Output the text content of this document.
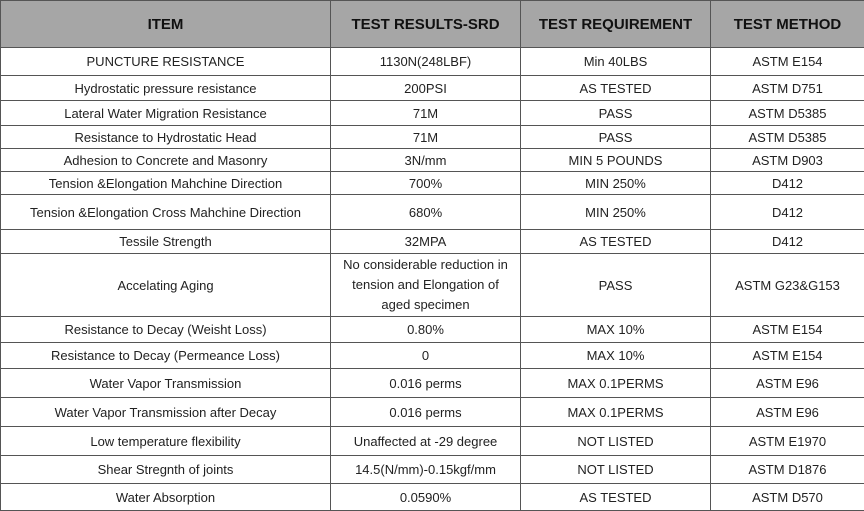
ITEM	TEST RESULTS-SRD	TEST REQUIREMENT	TEST METHOD
PUNCTURE RESISTANCE	1130N(248LBF)	Min 40LBS	ASTM E154
Hydrostatic pressure resistance	200PSI	AS TESTED	ASTM D751
Lateral Water Migration Resistance	71M	PASS	ASTM D5385
Resistance to Hydrostatic Head	71M	PASS	ASTM D5385
Adhesion to Concrete and Masonry	3N/mm	MIN 5 POUNDS	ASTM D903
Tension &Elongation Mahchine Direction	700%	MIN 250%	D412
Tension &Elongation Cross Mahchine Direction	680%	MIN 250%	D412
Tessile Strength	32MPA	AS TESTED	D412
Accelating Aging	No considerable reduction in
tension and Elongation of
aged specimen	PASS	ASTM G23&G153
Resistance to Decay (Weisht Loss)	0.80%	MAX 10%	ASTM E154
Resistance to Decay (Permeance Loss)	0	MAX 10%	ASTM E154
Water Vapor Transmission	0.016 perms	MAX 0.1PERMS	ASTM E96
Water Vapor Transmission after Decay	0.016 perms	MAX 0.1PERMS	ASTM E96
Low temperature flexibility	Unaffected at -29 degree	NOT LISTED	ASTM E1970
Shear Stregnth of joints	14.5(N/mm)-0.15kgf/mm	NOT LISTED	ASTM D1876
Water Absorption	0.0590%	AS TESTED	ASTM D570
